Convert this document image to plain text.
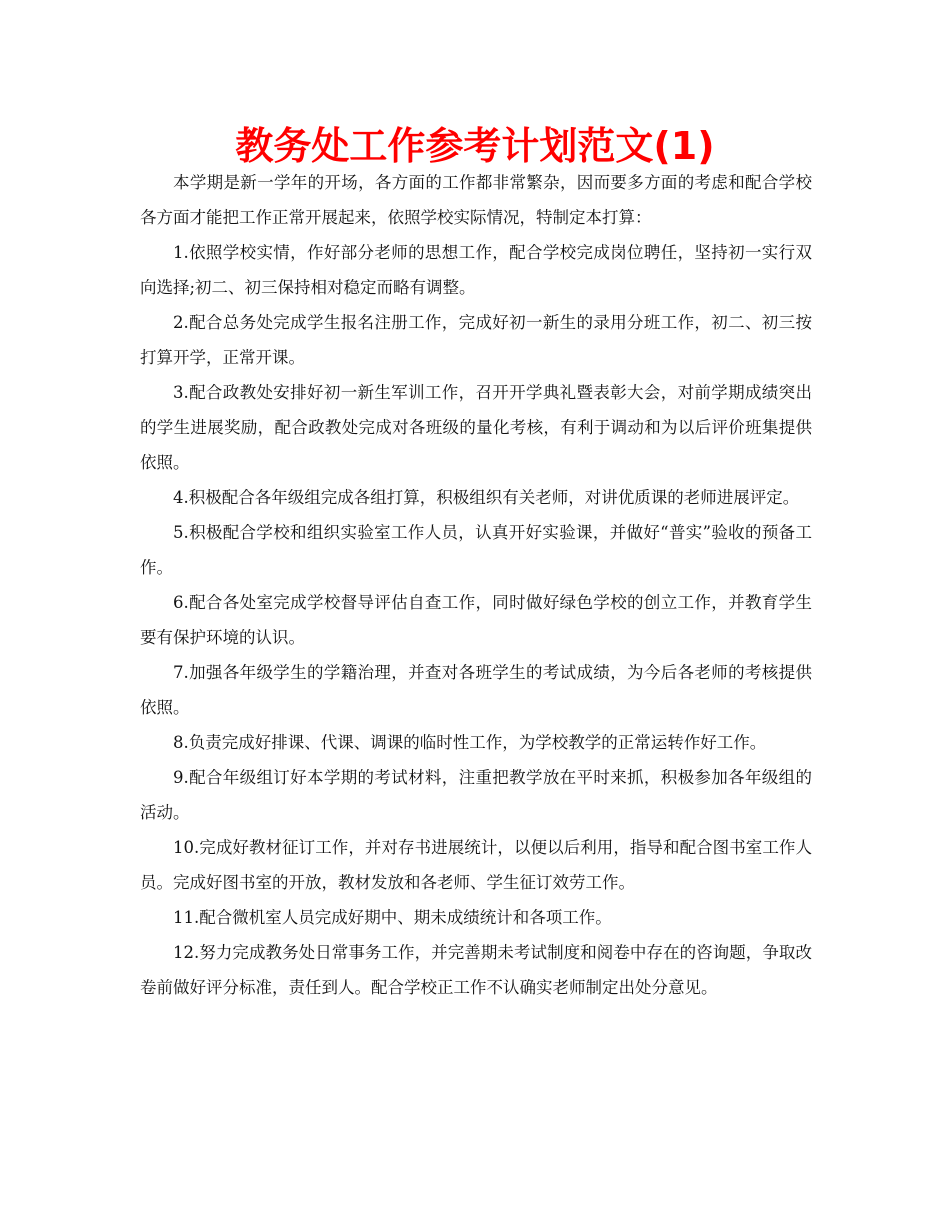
教务处工作参考计划范文(1)

本学期是新一学年的开场，各方面的工作都非常繁杂，因而要多方面的考虑和配合学校各方面才能把工作正常开展起来，依照学校实际情况，特制定本打算：

1.依照学校实情，作好部分老师的思想工作，配合学校完成岗位聘任，坚持初一实行双向选择;初二、初三保持相对稳定而略有调整。

2.配合总务处完成学生报名注册工作，完成好初一新生的录用分班工作，初二、初三按打算开学，正常开课。

3.配合政教处安排好初一新生军训工作，召开开学典礼暨表彰大会，对前学期成绩突出的学生进展奖励，配合政教处完成对各班级的量化考核，有利于调动和为以后评价班集提供依照。

4.积极配合各年级组完成各组打算，积极组织有关老师，对讲优质课的老师进展评定。

5.积极配合学校和组织实验室工作人员，认真开好实验课，并做好“普实”验收的预备工作。

6.配合各处室完成学校督导评估自查工作，同时做好绿色学校的创立工作，并教育学生要有保护环境的认识。

7.加强各年级学生的学籍治理，并查对各班学生的考试成绩，为今后各老师的考核提供依照。

8.负责完成好排课、代课、调课的临时性工作，为学校教学的正常运转作好工作。

9.配合年级组订好本学期的考试材料，注重把教学放在平时来抓，积极参加各年级组的活动。

10.完成好教材征订工作，并对存书进展统计，以便以后利用，指导和配合图书室工作人员。完成好图书室的开放，教材发放和各老师、学生征订效劳工作。

11.配合微机室人员完成好期中、期未成绩统计和各项工作。

12.努力完成教务处日常事务工作，并完善期未考试制度和阅卷中存在的咨询题，争取改卷前做好评分标准，责任到人。配合学校正工作不认确实老师制定出处分意见。
